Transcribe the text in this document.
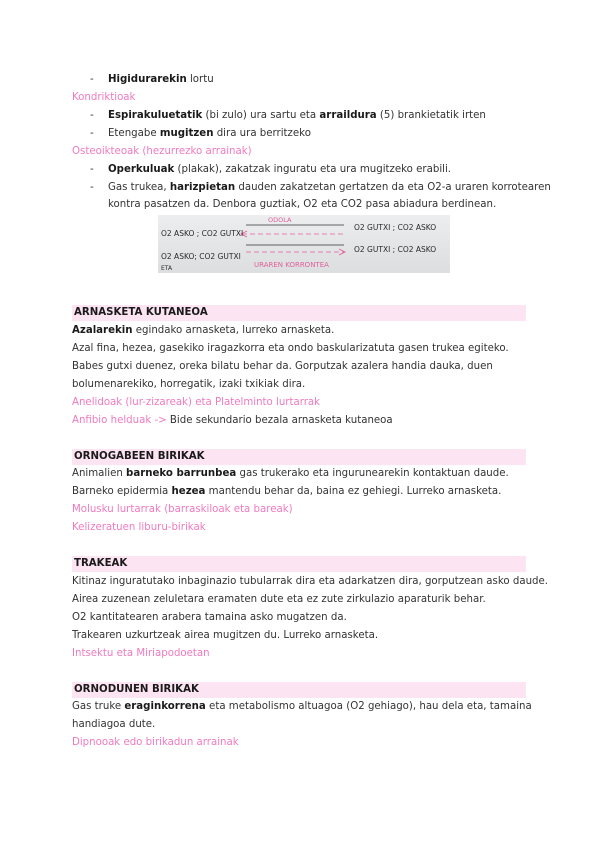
- Higidurarekin lortu
Kondriktioak
- Espirakuluetatik (bi zulo) ura sartu eta arraildura (5) brankietatik irten
- Etengabe mugitzen dira ura berritzeko
Osteoikteoak (hezurrezko arrainak)
- Operkuluak (plakak), zakatzak inguratu eta ura mugitzeko erabili.
- Gas trukea, harizpietan dauden zakatzetan gertatzen da eta O2-a uraren korrotearen
kontra pasatzen da. Denbora guztiak, O2 eta CO2 pasa abiadura berdinean.
ODOLA
O2 ASKO ; CO2 GUTXI
O2 GUTXI ; CO2 ASKO
O2 ASKO; CO2 GUTXI
O2 GUTXI ; CO2 ASKO
URAREN KORRONTEA
ETA
ARNASKETA KUTANEOA
Azalarekin egindako arnasketa, lurreko arnasketa.
Azal fina, hezea, gasekiko iragazkorra eta ondo baskularizatuta gasen trukea egiteko.
Babes gutxi duenez, oreka bilatu behar da. Gorputzak azalera handia dauka, duen
bolumenarekiko, horregatik, izaki txikiak dira.
Anelidoak (lur-zizareak) eta Platelminto lurtarrak
Anfibio helduak -> Bide sekundario bezala arnasketa kutaneoa
ORNOGABEEN BIRIKAK
Animalien barneko barrunbea gas trukerako eta ingurunearekin kontaktuan daude.
Barneko epidermia hezea mantendu behar da, baina ez gehiegi. Lurreko arnasketa.
Molusku lurtarrak (barraskiloak eta bareak)
Kelizeratuen liburu-birikak
TRAKEAK
Kitinaz inguratutako inbaginazio tubularrak dira eta adarkatzen dira, gorputzean asko daude.
Airea zuzenean zeluletara eramaten dute eta ez zute zirkulazio aparaturik behar.
O2 kantitatearen arabera tamaina asko mugatzen da.
Trakearen uzkurtzeak airea mugitzen du. Lurreko arnasketa.
Intsektu eta Miriapodoetan
ORNODUNEN BIRIKAK
Gas truke eraginkorrena eta metabolismo altuagoa (O2 gehiago), hau dela eta, tamaina
handiagoa dute.
Dipnooak edo birikadun arrainak
